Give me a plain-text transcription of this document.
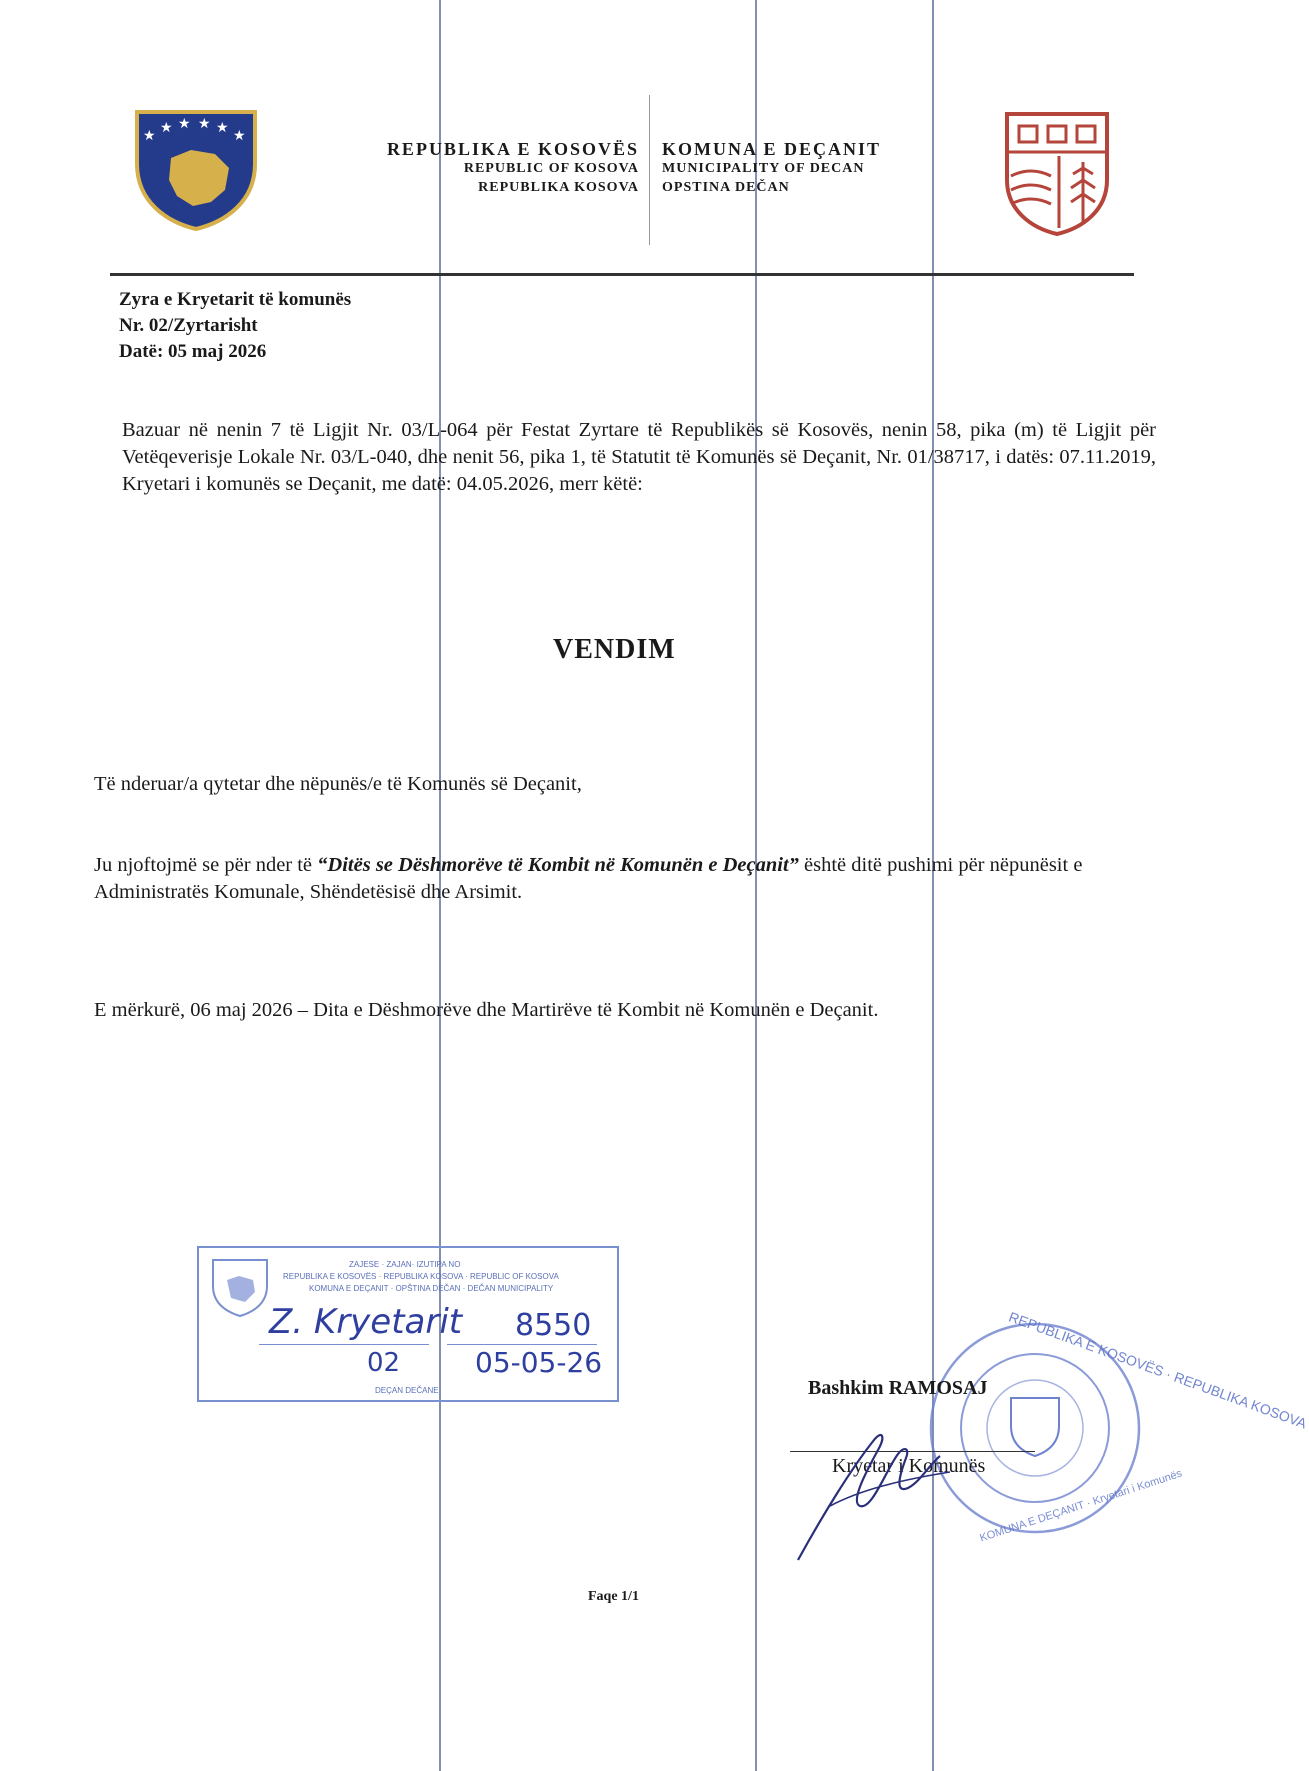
★ ★ ★ ★ ★ ★
REPUBLIKA E KOSOVËS
REPUBLIC OF KOSOVA
REPUBLIKA KOSOVA
KOMUNA E DEÇANIT
MUNICIPALITY OF DECAN
OPSTINA DEČAN
Zyra e Kryetarit të komunës
Nr. 02/Zyrtarisht
Datë: 05 maj 2026
Bazuar në nenin 7 të Ligjit Nr. 03/L-064 për Festat Zyrtare të Republikës së Kosovës, nenin 58, pika (m) të Ligjit për Vetëqeverisje Lokale Nr. 03/L-040, dhe nenit 56, pika 1, të Statutit të Komunës së Deçanit, Nr. 01/38717, i datës: 07.11.2019, Kryetari i komunës se Deçanit, me datë: 04.05.2026, merr këtë:
VENDIM
Të nderuar/a qytetar dhe nëpunës/e të Komunës së Deçanit,
Ju njoftojmë se për nder të “Ditës se Dëshmorëve të Kombit në Komunën e Deçanit” është ditë pushimi për nëpunësit e Administratës Komunale, Shëndetësisë dhe Arsimit.
E mërkurë, 06 maj 2026 – Dita e Dëshmorëve dhe Martirëve të Kombit në Komunën e Deçanit.
ZAJESE · ZAJAN· IZUTIPA NO
REPUBLIKA E KOSOVËS · REPUBLIKA KOSOVA · REPUBLIC OF KOSOVA
KOMUNA E DEÇANIT · OPŠTINA DEČAN · DEČAN MUNICIPALITY
Z. Kryetarit 8550
02	05-05-26
DEÇAN DEČANE	REPUBLIKA E KOSOVËS · REPUBLIKA KOSOVA
KOMUNA E DEÇANIT · Kryetari i Komunës
Bashkim RAMOSAJ
Kryetar i Komunës
Faqe 1/1
